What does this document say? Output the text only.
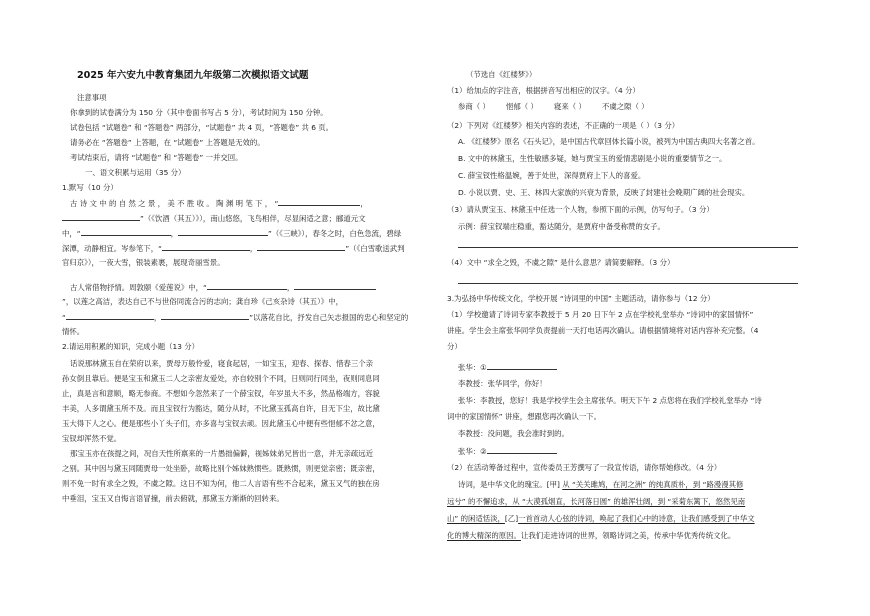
2025 年六安九中教育集团九年级第二次模拟语文试题
注意事项
你拿到的试卷满分为 150 分（其中卷面书写占 5 分），考试时间为 150 分钟。
试卷包括 “试题卷” 和 “答题卷” 两部分，“试题卷” 共 4 页，“答题卷” 共 6 页。
请务必在 “答题卷” 上答题，在 “试题卷” 上答题是无效的。
考试结束后，请将 “试题卷” 和 “答题卷” 一并交回。
一、语文积累与运用（35 分）
1.默写（10 分）
古 诗 文 中 的 自 然 之 景 ， 美 不 胜 收 。 陶 渊 明 笔 下 ， “	，
”（《饮酒（其五）》），南山悠悠，飞鸟相伴，尽显闲适之意；郦道元文
中，“	，	”（《三峡》），春冬之时，白色急流，碧绿
深潭，动静相宜。岑参笔下，“	，	”（《白雪歌送武判
官归京》），一夜大雪，银装素裹，展现奇丽雪景。
古人常借物抒情。周敦颐《爱莲说》中，“	，
”，以莲之高洁，表达自己不与世俗同流合污的志向；龚自珍《己亥杂诗（其五）》中，
“	，	”以落花自比，抒发自己矢志报国的忠心和坚定的
情怀。
2.请运用积累的知识，完成小题（13 分）
话说那林黛玉自在荣府以来，贾母万般怜爱，寝食起居，一如宝玉，迎春、探春、惜春三个亲
孙女倒且靠后。便是宝玉和黛玉二人之亲密友爱处，亦自较别个不同，日则同行同坐，夜则同息同
止，真是言和意顺，略无参商。不想如今忽然来了一个薛宝钗，年岁虽大不多，然品格端方，容貌
丰美，人多谓黛玉所不及。而且宝钗行为豁达，随分从时，不比黛玉孤高自许，目无下尘，故比黛
玉大得下人之心。便是那些小丫头子们，亦多喜与宝钗去顽。因此黛玉心中便有些悒郁不忿之意，
宝钗却浑然不觉。
那宝玉亦在孩提之间，况自天性所禀来的一片愚拙偏僻，视姊妹弟兄皆出一意，并无亲疏远近
之别。其中因与黛玉同随贾母一处坐卧，故略比别个姊妹熟惯些。既熟惯，则更觉亲密；既亲密，
则不免一时有求全之毁，不虞之隙。这日不知为何，他二人言语有些不合起来，黛玉又气的独在房
中垂泪，宝玉又自悔言语冒撞，前去俯就，那黛玉方渐渐的回转来。
（节选自《红楼梦》）
（1）给加点的字注音，根据拼音写出相应的汉字。（4 分）
参商（ ） 悒郁（ ） 寝来（ ） 不虞之隙（ ）
（2）下列对《红楼梦》相关内容的表述，不正确的一项是（ ）（3 分）
A. 《红楼梦》原名《石头记》，是中国古代章回体长篇小说，被列为中国古典四大名著之首。
B. 文中的林黛玉，生性敏感多疑，她与贾宝玉的爱情悲剧是小说的重要情节之一。
C. 薛宝钗性格温婉，善于处世，深得贾府上下人的喜爱。
D. 小说以贾、史、王、林四大家族的兴衰为背景，反映了封建社会晚期广阔的社会现实。
（3）请从贾宝玉、林黛玉中任选一个人物，参照下面的示例，仿写句子。（3 分）
示例：薛宝钗端庄稳重，豁达随分，是贾府中备受称赞的女子。
（4）文中 “求全之毁，不虞之隙” 是什么意思？请简要解释。（3 分）
3.为弘扬中华传统文化，学校开展 “诗词里的中国” 主题活动，请你参与（12 分）
（1）学校邀请了诗词专家李教授于 5 月 20 日下午 2 点在学校礼堂举办 “诗词中的家国情怀”
讲座。学生会主席张华同学负责提前一天打电话再次确认。请根据情境将对话内容补充完整。（4
分）
张华：①
李教授：张华同学，你好！
张华：李教授，您好！我是学校学生会主席张华。明天下午 2 点您将在我们学校礼堂举办 “诗
词中的家国情怀” 讲座，想跟您再次确认一下。
李教授：没问题，我会准时到的。
张华：②
（2）在活动筹备过程中，宣传委员王芳撰写了一段宣传语，请你帮她修改。（4 分）
诗词，是中华文化的瑰宝。[甲] 从 “关关雎鸠，在河之洲” 的纯真质朴，到 “路漫漫其修
远兮” 的不懈追求，从 “大漠孤烟直，长河落日圆” 的雄浑壮阔，到 “采菊东篱下，悠然见南
山” 的闲适恬淡，[乙]一首首动人心弦的诗词，唤起了我们心中的诗意，让我们感受到了中华文
化的博大精深的原因。让我们走进诗词的世界，领略诗词之美，传承中华优秀传统文化。
